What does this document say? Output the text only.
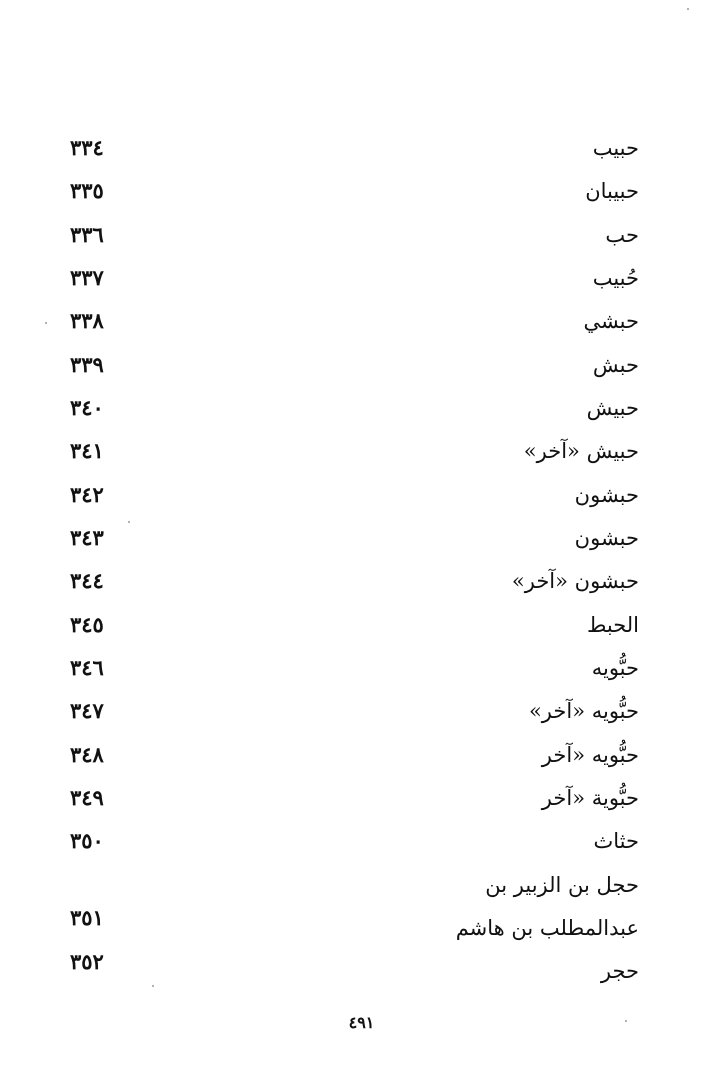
حبيب
٣٣٤
حبيبان
٣٣٥
حب
٣٣٦
حُبيب
٣٣٧
حبشي
٣٣٨
حبش
٣٣٩
حبيش
٣٤٠
حبيش «آخر»
٣٤١
حبشون
٣٤٢
حبشون
٣٤٣
حبشون «آخر»
٣٤٤
الحبط
٣٤٥
حبُّويه
٣٤٦
حبُّويه «آخر»
٣٤٧
حبُّويه «آخر
٣٤٨
حبُّوية «آخر
٣٤٩
حثاث
٣٥٠
حجل بن الزبير بن
عبدالمطلب بن هاشم
٣٥١
حجر
٣٥٢
٤٩١
